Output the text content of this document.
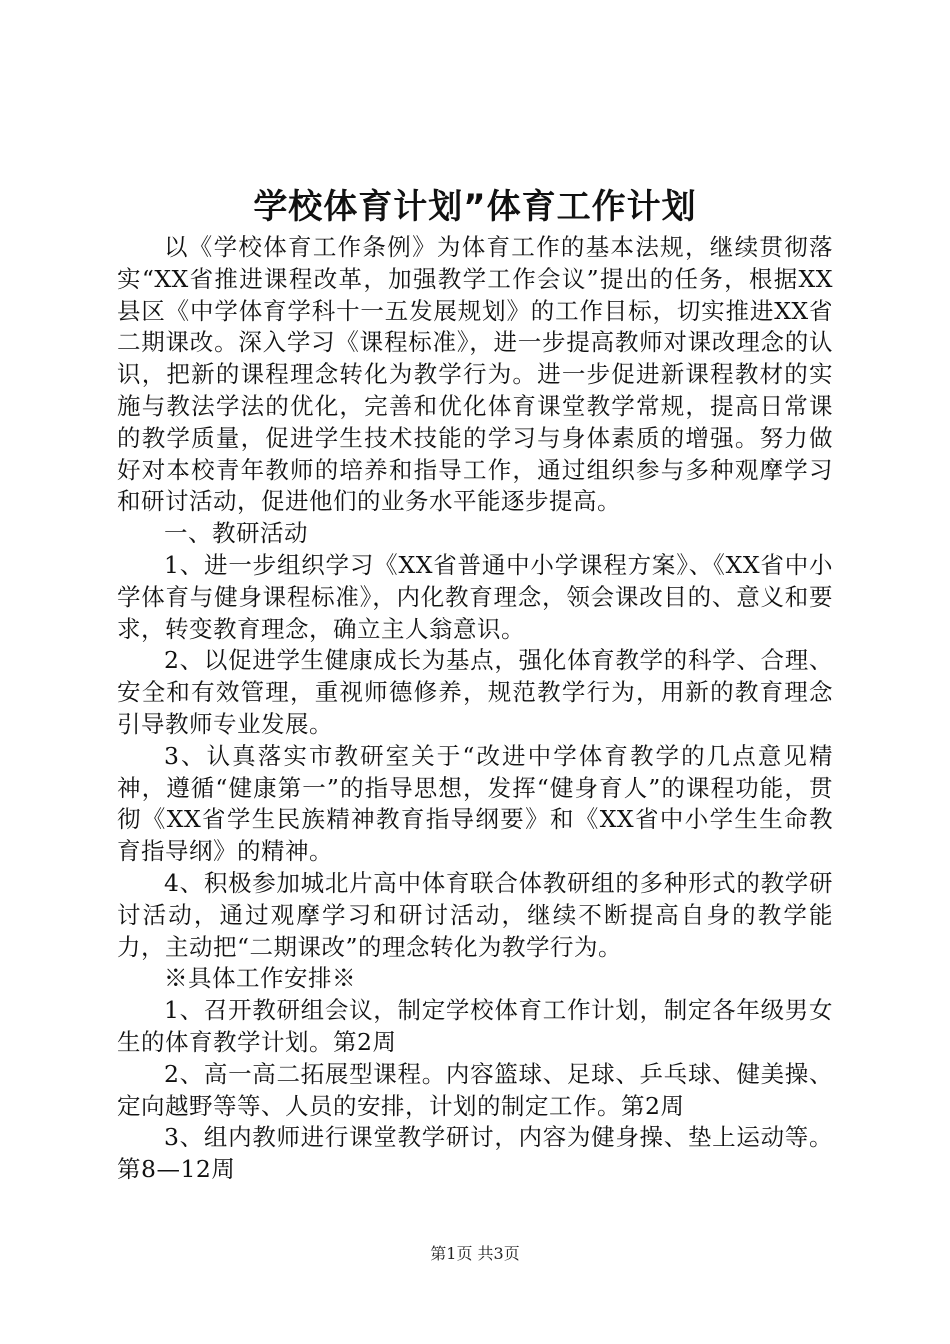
学校体育计划”体育工作计划

以《学校体育工作条例》为体育工作的基本法规，继续贯彻落实“XX省推进课程改革，加强教学工作会议”提出的任务，根据XX县区《中学体育学科十一五发展规划》的工作目标，切实推进XX省二期课改。深入学习《课程标准》，进一步提高教师对课改理念的认识，把新的课程理念转化为教学行为。进一步促进新课程教材的实施与教法学法的优化，完善和优化体育课堂教学常规，提高日常课的教学质量，促进学生技术技能的学习与身体素质的增强。努力做好对本校青年教师的培养和指导工作，通过组织参与多种观摩学习和研讨活动，促进他们的业务水平能逐步提高。

一、教研活动

1、进一步组织学习《XX省普通中小学课程方案》、《XX省中小学体育与健身课程标准》，内化教育理念，领会课改目的、意义和要求，转变教育理念，确立主人翁意识。

2、以促进学生健康成长为基点，强化体育教学的科学、合理、安全和有效管理，重视师德修养，规范教学行为，用新的教育理念引导教师专业发展。

3、认真落实市教研室关于“改进中学体育教学的几点意见精神，遵循“健康第一”的指导思想，发挥“健身育人”的课程功能，贯彻《XX省学生民族精神教育指导纲要》和《XX省中小学生生命教育指导纲》的精神。

4、积极参加城北片高中体育联合体教研组的多种形式的教学研讨活动，通过观摩学习和研讨活动，继续不断提高自身的教学能力，主动把“二期课改”的理念转化为教学行为。

※具体工作安排※

1、召开教研组会议，制定学校体育工作计划，制定各年级男女生的体育教学计划。第2周

2、高一高二拓展型课程。内容篮球、足球、乒乓球、健美操、定向越野等等、人员的安排，计划的制定工作。第2周

3、组内教师进行课堂教学研讨，内容为健身操、垫上运动等。第8—12周

第1页 共3页
